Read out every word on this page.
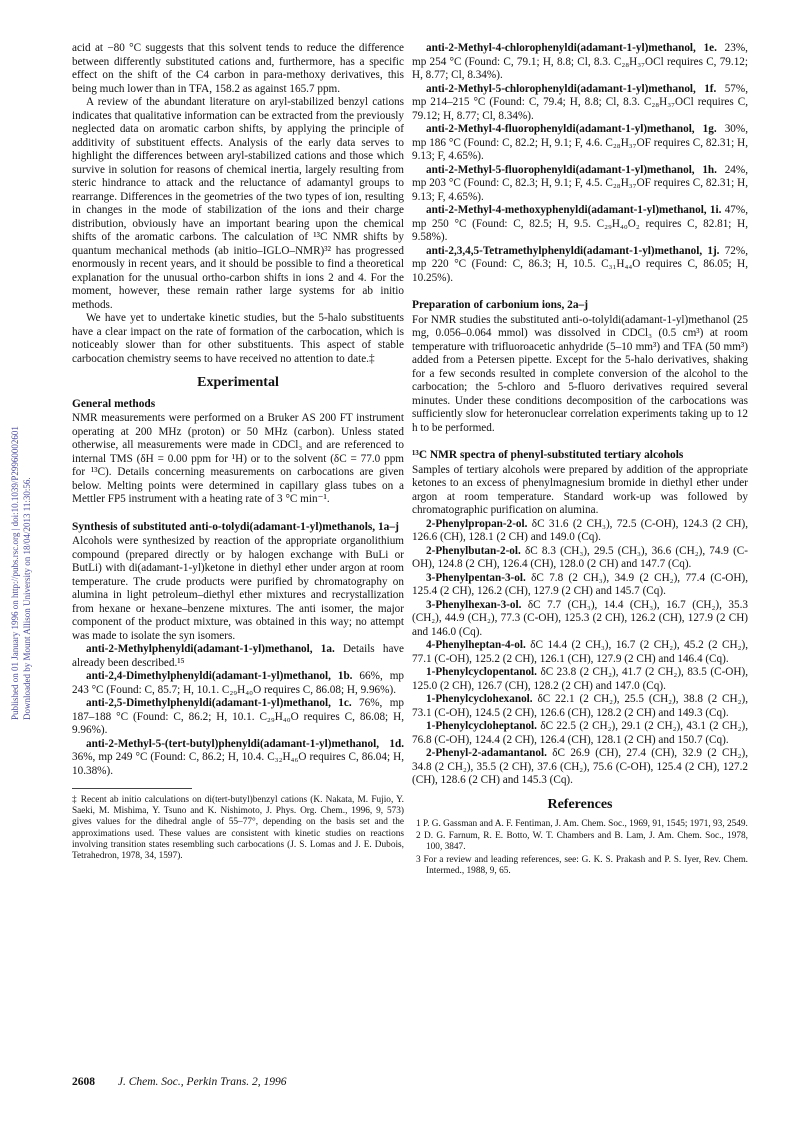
Published on 01 January 1996 on http://pubs.rsc.org | doi:10.1039/P29960002601 Downloaded by Mount Allison University on 18/04/2013 11:30:56.

acid at −80 °C suggests that this solvent tends to reduce the difference between differently substituted cations and, furthermore, has a specific effect on the shift of the C4 carbon in para-methoxy derivatives, this being much lower than in TFA, 158.2 as against 165.7 ppm.

A review of the abundant literature on aryl-stabilized benzyl cations indicates that qualitative information can be extracted from the previously neglected data on aromatic carbon shifts, by applying the principle of additivity of substituent effects. Analysis of the early data serves to highlight the differences between aryl-stabilized cations and those which survive in solution for reasons of chemical inertia, largely resulting from steric hindrance to attack and the reluctance of adamantyl groups to rearrange. Differences in the geometries of the two types of ion, resulting in changes in the mode of stabilization of the ions and their charge distribution, obviously have an important bearing upon the chemical shifts of the aromatic carbons. The calculation of ¹³C NMR shifts by quantum mechanical methods (ab initio–IGLO–NMR)³² has progressed enormously in recent years, and it should be possible to find a theoretical explanation for the unusual ortho-carbon shifts in ions 2 and 4. For the moment, however, these remain rather large systems for ab initio methods.

We have yet to undertake kinetic studies, but the 5-halo substituents have a clear impact on the rate of formation of the carbocation, which is noticeably slower than for other substituents. This aspect of stable carbocation chemistry seems to have received no attention to date.‡

Experimental
General methods

NMR measurements were performed on a Bruker AS 200 FT instrument operating at 200 MHz (proton) or 50 MHz (carbon). Unless stated otherwise, all measurements were made in CDCl₃ and are referenced to internal TMS (δH = 0.00 ppm for ¹H) or to the solvent (δC = 77.0 ppm for ¹³C). Details concerning measurements on carbocations are given below. Melting points were determined in capillary glass tubes on a Mettler FP5 instrument with a heating rate of 3 °C min⁻¹.

Synthesis of substituted anti-o-tolydi(adamant-1-yl)methanols, 1a–j

Alcohols were synthesized by reaction of the appropriate organolithium compound (prepared directly or by halogen exchange with BuLi or ButLi) with di(adamant-1-yl)ketone in diethyl ether under argon at room temperature. The crude products were purified by chromatography on alumina in light petroleum–diethyl ether mixtures and recrystallization from hexane or hexane–benzene mixtures. The anti isomer, the major component of the product mixture, was obtained in this way; no attempt was made to isolate the syn isomers.

anti-2-Methylphenyldi(adamant-1-yl)methanol, 1a. Details have already been described.¹⁵

anti-2,4-Dimethylphenyldi(adamant-1-yl)methanol, 1b. 66%, mp 243 °C (Found: C, 85.7; H, 10.1. C₂₉H₄₀O requires C, 86.08; H, 9.96%).

anti-2,5-Dimethylphenyldi(adamant-1-yl)methanol, 1c. 76%, mp 187–188 °C (Found: C, 86.2; H, 10.1. C₂₉H₄₀O requires C, 86.08; H, 9.96%).

anti-2-Methyl-5-(tert-butyl)phenyldi(adamant-1-yl)methanol, 1d. 36%, mp 249 °C (Found: C, 86.2; H, 10.4. C₃₂H₄₆O requires C, 86.04; H, 10.38%).

‡ Recent ab initio calculations on di(tert-butyl)benzyl cations (K. Nakata, M. Fujio, Y. Saeki, M. Mishima, Y. Tsuno and K. Nishimoto, J. Phys. Org. Chem., 1996, 9, 573) gives values for the dihedral angle of 55–77°, depending on the basis set and the approximations used. These values are consistent with kinetic studies on reactions involving transition states resembling such carbocations (J. S. Lomas and J. E. Dubois, Tetrahedron, 1978, 34, 1597).

anti-2-Methyl-4-chlorophenyldi(adamant-1-yl)methanol, 1e. 23%, mp 254 °C (Found: C, 79.1; H, 8.8; Cl, 8.3. C₂₈H₃₇OCl requires C, 79.12; H, 8.77; Cl, 8.34%).

anti-2-Methyl-5-chlorophenyldi(adamant-1-yl)methanol, 1f. 57%, mp 214–215 °C (Found: C, 79.4; H, 8.8; Cl, 8.3. C₂₈H₃₇OCl requires C, 79.12; H, 8.77; Cl, 8.34%).

anti-2-Methyl-4-fluorophenyldi(adamant-1-yl)methanol, 1g. 30%, mp 186 °C (Found: C, 82.2; H, 9.1; F, 4.6. C₂₈H₃₇OF requires C, 82.31; H, 9.13; F, 4.65%).

anti-2-Methyl-5-fluorophenyldi(adamant-1-yl)methanol, 1h. 24%, mp 203 °C (Found: C, 82.3; H, 9.1; F, 4.5. C₂₈H₃₇OF requires C, 82.31; H, 9.13; F, 4.65%).

anti-2-Methyl-4-methoxyphenyldi(adamant-1-yl)methanol, 1i. 47%, mp 250 °C (Found: C, 82.5; H, 9.5. C₂₉H₄₀O₂ requires C, 82.81; H, 9.58%).

anti-2,3,4,5-Tetramethylphenyldi(adamant-1-yl)methanol, 1j. 72%, mp 220 °C (Found: C, 86.3; H, 10.5. C₃₁H₄₄O requires C, 86.05; H, 10.25%).

Preparation of carbonium ions, 2a–j

For NMR studies the substituted anti-o-tolyldi(adamant-1-yl)methanol (25 mg, 0.056–0.064 mmol) was dissolved in CDCl₃ (0.5 cm³) at room temperature with trifluoroacetic anhydride (5–10 mm³) and TFA (50 mm³) added from a Petersen pipette. Except for the 5-halo derivatives, shaking for a few seconds resulted in complete conversion of the alcohol to the carbocation; the 5-chloro and 5-fluoro derivatives required several minutes. Under these conditions decomposition of the carbocations was sufficiently slow for heteronuclear correlation experiments taking up to 12 h to be performed.

¹³C NMR spectra of phenyl-substituted tertiary alcohols

Samples of tertiary alcohols were prepared by addition of the appropriate ketones to an excess of phenylmagnesium bromide in diethyl ether under argon at room temperature. Standard work-up was followed by chromatographic purification on alumina.

2-Phenylpropan-2-ol. δC 31.6 (2 CH₃), 72.5 (C-OH), 124.3 (2 CH), 126.6 (CH), 128.1 (2 CH) and 149.0 (Cq).

2-Phenylbutan-2-ol. δC 8.3 (CH₃), 29.5 (CH₃), 36.6 (CH₂), 74.9 (C-OH), 124.8 (2 CH), 126.4 (CH), 128.0 (2 CH) and 147.7 (Cq).

3-Phenylpentan-3-ol. δC 7.8 (2 CH₃), 34.9 (2 CH₂), 77.4 (C-OH), 125.4 (2 CH), 126.2 (CH), 127.9 (2 CH) and 145.7 (Cq).

3-Phenylhexan-3-ol. δC 7.7 (CH₃), 14.4 (CH₃), 16.7 (CH₂), 35.3 (CH₂), 44.9 (CH₂), 77.3 (C-OH), 125.3 (2 CH), 126.2 (CH), 127.9 (2 CH) and 146.0 (Cq).

4-Phenylheptan-4-ol. δC 14.4 (2 CH₃), 16.7 (2 CH₂), 45.2 (2 CH₂), 77.1 (C-OH), 125.2 (2 CH), 126.1 (CH), 127.9 (2 CH) and 146.4 (Cq).

1-Phenylcyclopentanol. δC 23.8 (2 CH₂), 41.7 (2 CH₂), 83.5 (C-OH), 125.0 (2 CH), 126.7 (CH), 128.2 (2 CH) and 147.0 (Cq).

1-Phenylcyclohexanol. δC 22.1 (2 CH₂), 25.5 (CH₂), 38.8 (2 CH₂), 73.1 (C-OH), 124.5 (2 CH), 126.6 (CH), 128.2 (2 CH) and 149.3 (Cq).

1-Phenylcycloheptanol. δC 22.5 (2 CH₂), 29.1 (2 CH₂), 43.1 (2 CH₂), 76.8 (C-OH), 124.4 (2 CH), 126.4 (CH), 128.1 (2 CH) and 150.7 (Cq).

2-Phenyl-2-adamantanol. δC 26.9 (CH), 27.4 (CH), 32.9 (2 CH₂), 34.8 (2 CH₂), 35.5 (2 CH), 37.6 (CH₂), 75.6 (C-OH), 125.4 (2 CH), 127.2 (CH), 128.6 (2 CH) and 145.3 (Cq).

References
1 P. G. Gassman and A. F. Fentiman, J. Am. Chem. Soc., 1969, 91, 1545; 1971, 93, 2549.
2 D. G. Farnum, R. E. Botto, W. T. Chambers and B. Lam, J. Am. Chem. Soc., 1978, 100, 3847.
3 For a review and leading references, see: G. K. S. Prakash and P. S. Iyer, Rev. Chem. Intermed., 1988, 9, 65.
2608 J. Chem. Soc., Perkin Trans. 2, 1996
